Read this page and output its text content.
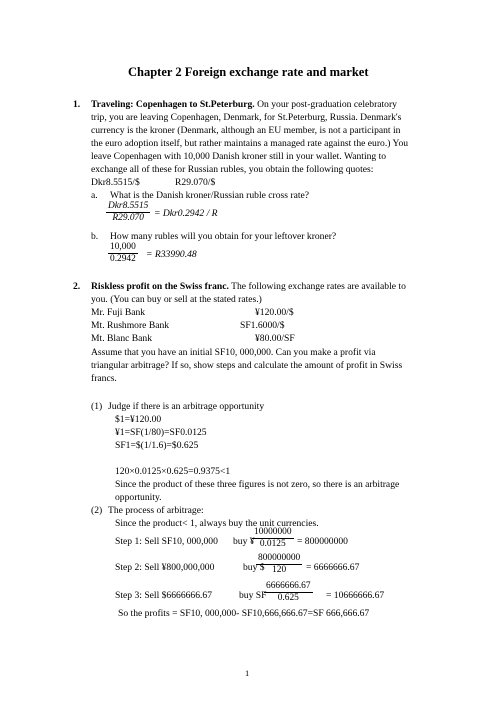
Chapter 2 Foreign exchange rate and market
1. Traveling: Copenhagen to St.Peterburg. On your post-graduation celebratory
trip, you are leaving Copenhagen, Denmark, for St.Peterburg, Russia. Denmark's
currency is the kroner (Denmark, although an EU member, is not a participant in
the euro adoption itself, but rather maintains a managed rate against the euro.) You
leave Copenhagen with 10,000 Danish kroner still in your wallet. Wanting to
exchange all of these for Russian rubles, you obtain the following quotes:
Dkr8.5515/$	R29.070/$
a. What is the Danish kroner/Russian ruble cross rate?
Dkr8.5515
R29.070	= Dkr0.2942 / R
b. How many rubles will you obtain for your leftover kroner?
$\frac{10,000}{0.2942} = R33990.48$
2. Riskless profit on the Swiss franc. The following exchange rates are available to
you. (You can buy or sell at the stated rates.)
Mr. Fuji Bank	¥120.00/$
Mt. Rushmore Bank	SF1.6000/$
Mt. Blanc Bank	¥80.00/SF
Assume that you have an initial SF10, 000,000. Can you make a profit via
triangular arbitrage? If so, show steps and calculate the amount of profit in Swiss
francs.
(1) Judge if there is an arbitrage opportunity
$1=¥120.00
¥1=SF(1/80)=SF0.0125
SF1=$(1/1.6)=$0.625
120×0.0125×0.625=0.9375<1
Since the product of these three figures is not zero, so there is an arbitrage
opportunity.
(2) The process of arbitrage:
Since the product< 1, always buy the unit currencies.
Step 1: Sell SF10, 000,000 buy ¥
$\frac{10000000}{0.0125} = 800000000$
Step 2: Sell ¥800,000,000	buy $
$\frac{800000000}{120} = 6666666.67$
Step 3: Sell $6666666.67	buy SF
$\frac{6666666.67}{0.625} = 10666666.67$
So the profits = SF10, 000,000- SF10,666,666.67=SF 666,666.67
1
